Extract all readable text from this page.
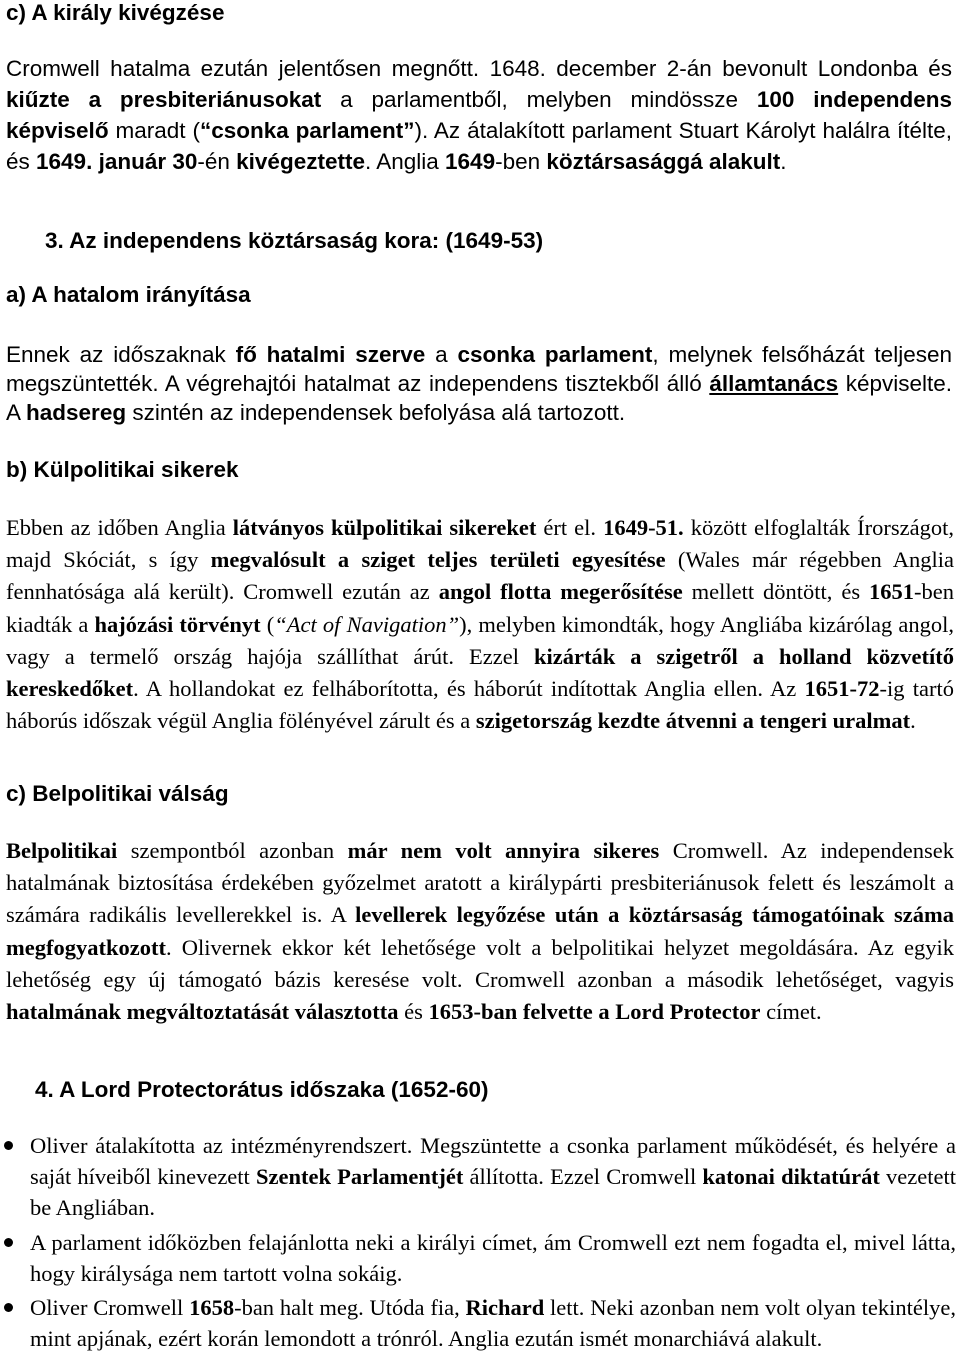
c) A király kivégzése
Cromwell hatalma ezután jelentősen megnőtt. 1648. december 2-án bevonult Londonba és kiűzte a presbiteriánusokat a parlamentből, melyben mindössze 100 independens képviselő maradt (“csonka parlament”). Az átalakított parlament Stuart Károlyt halálra ítélte, és 1649. január 30-én kivégeztette. Anglia 1649-ben köztársasággá alakult.
3. Az independens köztársaság kora: (1649-53)
a) A hatalom irányítása
Ennek az időszaknak fő hatalmi szerve a csonka parlament, melynek felsőházát teljesen megszüntették. A végrehajtói hatalmat az independens tisztekből álló államtanács képviselte. A hadsereg szintén az independensek befolyása alá tartozott.
b) Külpolitikai sikerek
Ebben az időben Anglia látványos külpolitikai sikereket ért el. 1649-51. között elfoglalták Írországot, majd Skóciát, s így megvalósult a sziget teljes területi egyesítése (Wales már régebben Anglia fennhatósága alá került). Cromwell ezután az angol flotta megerősítése mellett döntött, és 1651-ben kiadták a hajózási törvényt (“Act of Navigation”), melyben kimondták, hogy Angliába kizárólag angol, vagy a termelő ország hajója szállíthat árút. Ezzel kizárták a szigetről a holland közvetítő kereskedőket. A hollandokat ez felháborította, és háborút indítottak Anglia ellen. Az 1651-72-ig tartó háborús időszak végül Anglia fölényével zárult és a szigetország kezdte átvenni a tengeri uralmat.
c) Belpolitikai válság
Belpolitikai szempontból azonban már nem volt annyira sikeres Cromwell. Az independensek hatalmának biztosítása érdekében győzelmet aratott a királypárti presbiteriánusok felett és leszámolt a számára radikális levellerekkel is. A levellerek legyőzése után a köztársaság támogatóinak száma megfogyatkozott. Olivernek ekkor két lehetősége volt a belpolitikai helyzet megoldására. Az egyik lehetőség egy új támogató bázis keresése volt. Cromwell azonban a második lehetőséget, vagyis hatalmának megváltoztatását választotta és 1653-ban felvette a Lord Protector címet.
4. A Lord Protectorátus időszaka (1652-60)
Oliver átalakította az intézményrendszert. Megszüntette a csonka parlament működését, és helyére a saját híveiből kinevezett Szentek Parlamentjét állította. Ezzel Cromwell katonai diktatúrát vezetett be Angliában.
A parlament időközben felajánlotta neki a királyi címet, ám Cromwell ezt nem fogadta el, mivel látta, hogy királysága nem tartott volna sokáig.
Oliver Cromwell 1658-ban halt meg. Utóda fia, Richard lett. Neki azonban nem volt olyan tekintélye, mint apjának, ezért korán lemondott a trónról. Anglia ezután ismét monarchiává alakult.
